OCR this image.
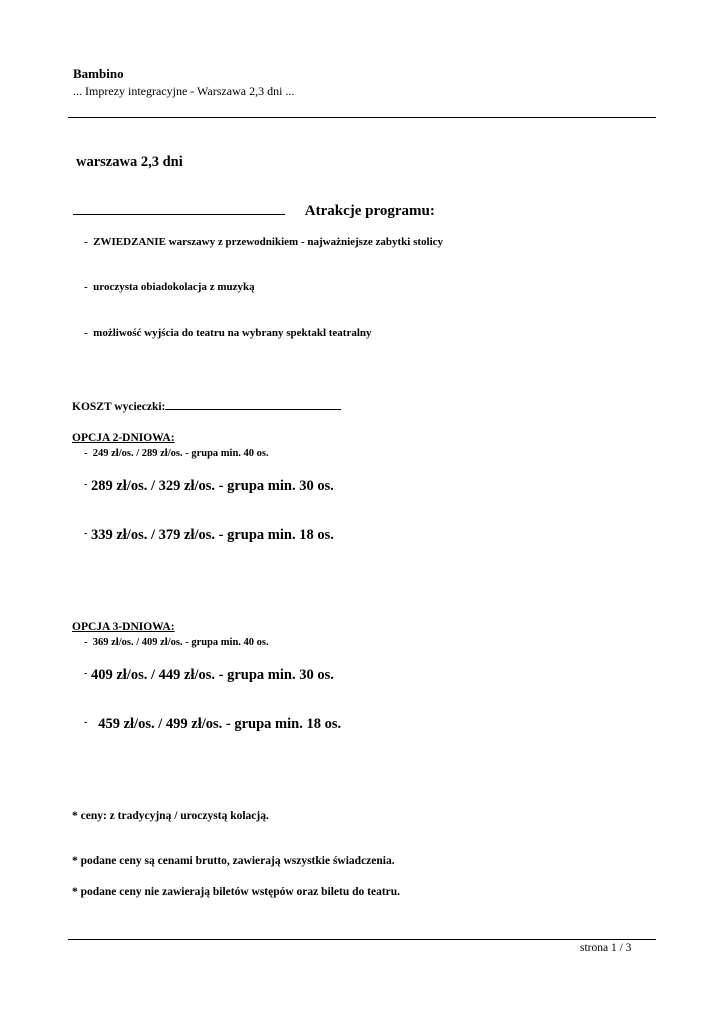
Bambino
... Imprezy integracyjne - Warszawa 2,3 dni ...
warszawa 2,3 dni
Atrakcje programu:
- ZWIEDZANIE warszawy z przewodnikiem - najważniejsze zabytki stolicy
- uroczysta obiadokolacja z muzyką
- możliwość wyjścia do teatru na wybrany spektakl teatralny
KOSZT wycieczki:
OPCJA 2-DNIOWA:
- 249 zł/os. / 289 zł/os. - grupa min. 40 os.
- 289 zł/os. / 329 zł/os. - grupa min. 30 os.
- 339 zł/os. / 379 zł/os. - grupa min. 18 os.
OPCJA 3-DNIOWA:
- 369 zł/os. / 409 zł/os. - grupa min. 40 os.
- 409 zł/os. / 449 zł/os. - grupa min. 30 os.
-   459 zł/os. / 499 zł/os. - grupa min. 18 os.
* ceny: z tradycyjną / uroczystą kolacją.
* podane ceny są cenami brutto, zawierają wszystkie świadczenia.
* podane ceny nie zawierają biletów wstępów oraz biletu do teatru.
strona 1 / 3
